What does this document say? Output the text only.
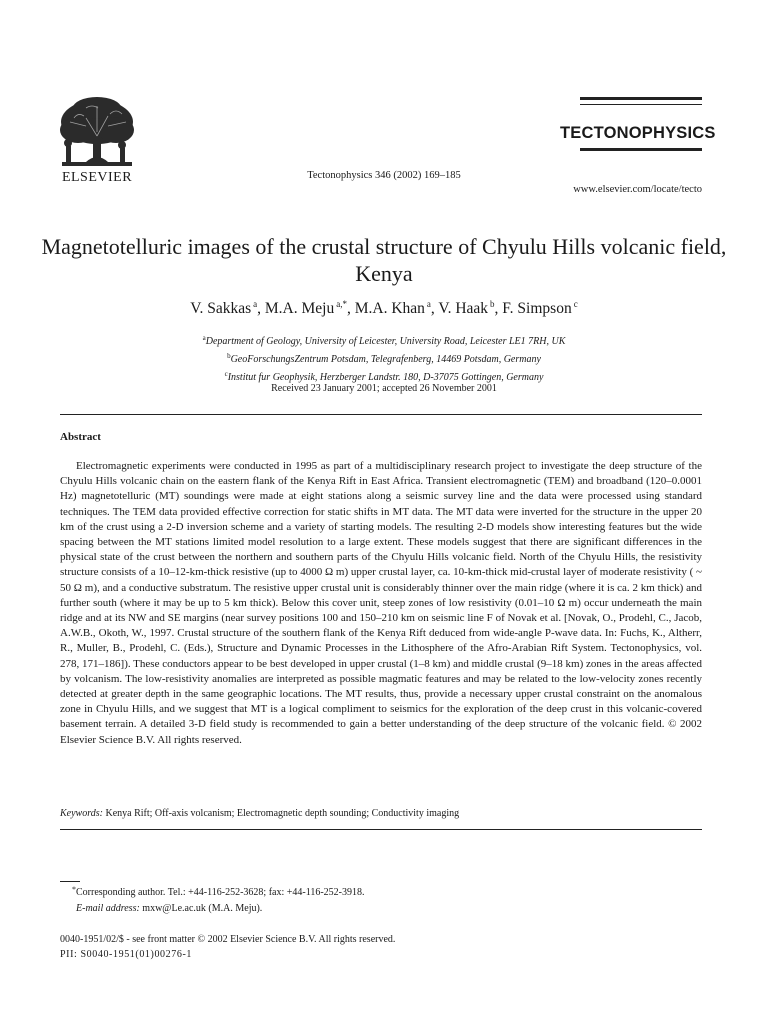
ELSEVIER	Tectonophysics 346 (2002) 169–185
TECTONOPHYSICS
www.elsevier.com/locate/tecto
Magnetotelluric images of the crustal structure of Chyulu Hills volcanic field, Kenya
V. Sakkas $^a$, M.A. Meju $^{a,*}$, M.A. Khan $^a$, V. Haak $^b$, F. Simpson $^c$
$^a$Department of Geology, University of Leicester, University Road, Leicester LE1 7RH, UK
$^b$GeoForschungsZentrum Potsdam, Telegrafenberg, 14469 Potsdam, Germany
$^c$Institut fur Geophysik, Herzberger Landstr. 180, D-37075 Gottingen, Germany
Received 23 January 2001; accepted 26 November 2001
Abstract

Electromagnetic experiments were conducted in 1995 as part of a multidisciplinary research project to investigate the deep structure of the Chyulu Hills volcanic chain on the eastern flank of the Kenya Rift in East Africa. Transient electromagnetic (TEM) and broadband (120–0.0001 Hz) magnetotelluric (MT) soundings were made at eight stations along a seismic survey line and the data were processed using standard techniques. The TEM data provided effective correction for static shifts in MT data. The MT data were inverted for the structure in the upper 20 km of the crust using a 2-D inversion scheme and a variety of starting models. The resulting 2-D models show interesting features but the wide spacing between the MT stations limited model resolution to a large extent. These models suggest that there are significant differences in the physical state of the crust between the northern and southern parts of the Chyulu Hills volcanic field. North of the Chyulu Hills, the resistivity structure consists of a 10–12-km-thick resistive (up to 4000 Ω m) upper crustal layer, ca. 10-km-thick mid-crustal layer of moderate resistivity ( ~ 50 Ω m), and a conductive substratum. The resistive upper crustal unit is considerably thinner over the main ridge (where it is ca. 2 km thick) and further south (where it may be up to 5 km thick). Below this cover unit, steep zones of low resistivity (0.01–10 Ω m) occur underneath the main ridge and at its NW and SE margins (near survey positions 100 and 150–210 km on seismic line F of Novak et al. [Novak, O., Prodehl, C., Jacob, A.W.B., Okoth, W., 1997. Crustal structure of the southern flank of the Kenya Rift deduced from wide-angle P-wave data. In: Fuchs, K., Altherr, R., Muller, B., Prodehl, C. (Eds.), Structure and Dynamic Processes in the Lithosphere of the Afro-Arabian Rift System. Tectonophysics, vol. 278, 171–186]). These conductors appear to be best developed in upper crustal (1–8 km) and middle crustal (9–18 km) zones in the areas affected by volcanism. The low-resistivity anomalies are interpreted as possible magmatic features and may be related to the low-velocity zones recently detected at greater depth in the same geographic locations. The MT results, thus, provide a necessary upper crustal constraint on the anomalous zone in Chyulu Hills, and we suggest that MT is a logical compliment to seismics for the exploration of the deep crust in this volcanic-covered basement terrain. A detailed 3-D field study is recommended to gain a better understanding of the deep structure of the volcanic field. © 2002 Elsevier Science B.V. All rights reserved.

Keywords: Kenya Rift; Off-axis volcanism; Electromagnetic depth sounding; Conductivity imaging
* Corresponding author. Tel.: +44-116-252-3628; fax: +44-116-252-3918.
E-mail address: mxw@Le.ac.uk (M.A. Meju).
0040-1951/02/$ - see front matter © 2002 Elsevier Science B.V. All rights reserved.
PII: S0040-1951(01)00276-1
